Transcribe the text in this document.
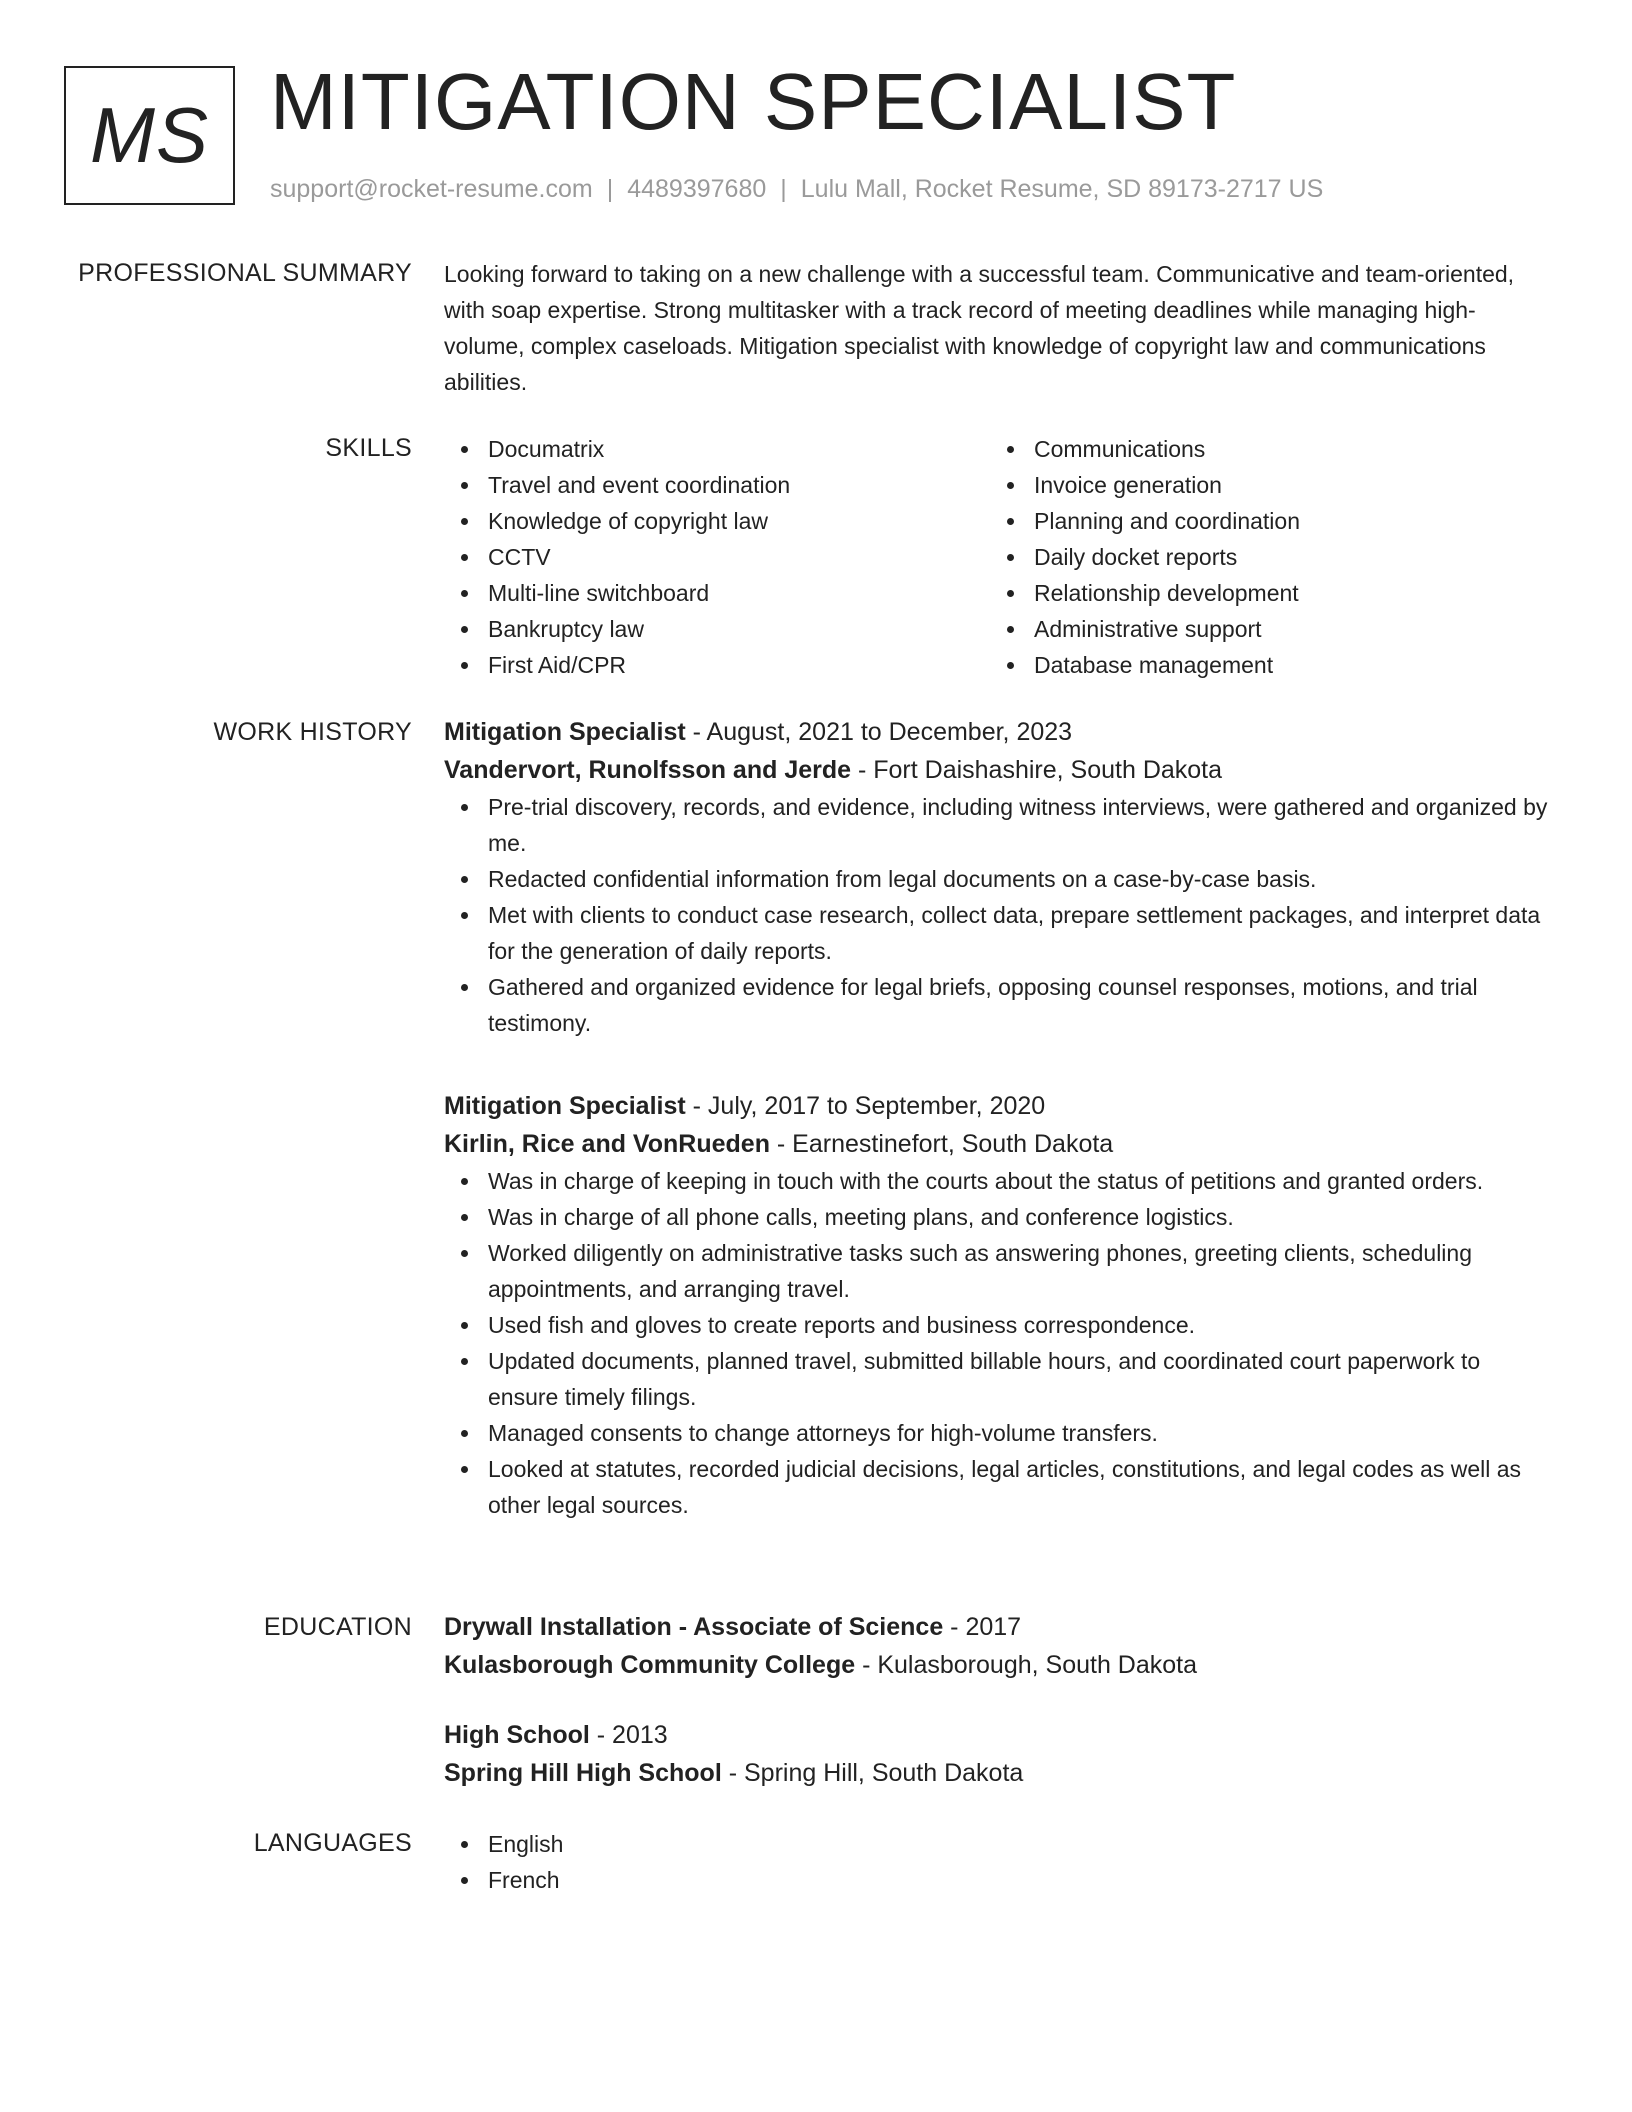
MS MITIGATION SPECIALIST
support@rocket-resume.com | 4489397680 | Lulu Mall, Rocket Resume, SD 89173-2717 US
PROFESSIONAL SUMMARY Looking forward to taking on a new challenge with a successful team. Communicative and team-oriented, with soap expertise. Strong multitasker with a track record of meeting deadlines while managing high-volume, complex caseloads. Mitigation specialist with knowledge of copyright law and communications abilities.

SKILLS	Documatrix
Travel and event coordination
Knowledge of copyright law
CCTV
Multi-line switchboard
Bankruptcy law
First Aid/CPR
Communications
Invoice generation
Planning and coordination
Daily docket reports
Relationship development
Administrative support
Database management
WORK HISTORY Mitigation Specialist - August, 2021 to December, 2023
Vandervort, Runolfsson and Jerde - Fort Daishashire, South Dakota
Pre-trial discovery, records, and evidence, including witness interviews, were gathered and organized by me.
Redacted confidential information from legal documents on a case-by-case basis.
Met with clients to conduct case research, collect data, prepare settlement packages, and interpret data for the generation of daily reports.
Gathered and organized evidence for legal briefs, opposing counsel responses, motions, and trial testimony.
Mitigation Specialist - July, 2017 to September, 2020
Kirlin, Rice and VonRueden - Earnestinefort, South Dakota
Was in charge of keeping in touch with the courts about the status of petitions and granted orders.
Was in charge of all phone calls, meeting plans, and conference logistics.
Worked diligently on administrative tasks such as answering phones, greeting clients, scheduling appointments, and arranging travel.
Used fish and gloves to create reports and business correspondence.
Updated documents, planned travel, submitted billable hours, and coordinated court paperwork to ensure timely filings.
Managed consents to change attorneys for high-volume transfers.
Looked at statutes, recorded judicial decisions, legal articles, constitutions, and legal codes as well as other legal sources.
EDUCATION Drywall Installation - Associate of Science - 2017
Kulasborough Community College - Kulasborough, South Dakota
High School - 2013
Spring Hill High School - Spring Hill, South Dakota
LANGUAGES	English
French
